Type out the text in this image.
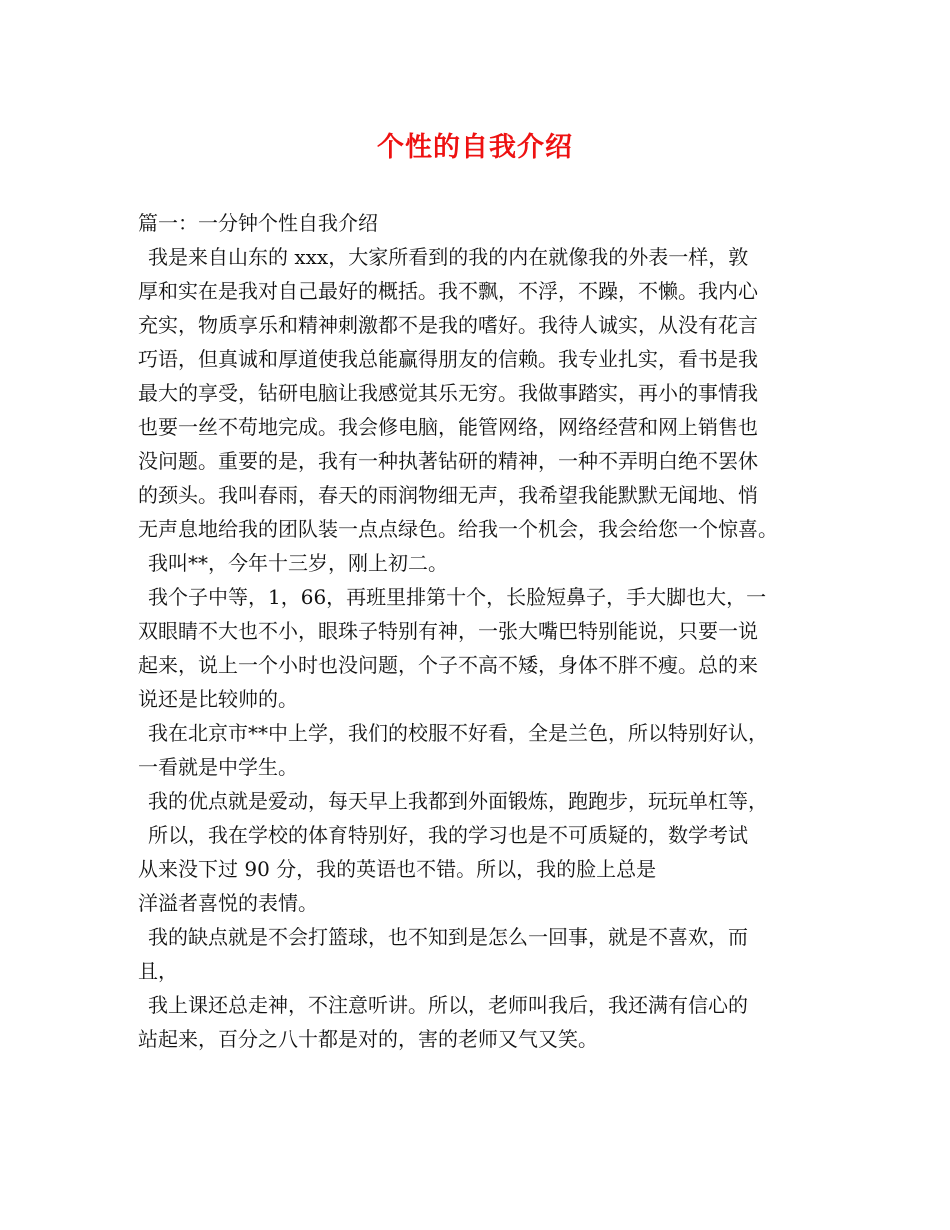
个性的自我介绍
篇一：一分钟个性自我介绍
我是来自山东的 xxx，大家所看到的我的内在就像我的外表一样，敦
厚和实在是我对自己最好的概括。我不飘，不浮，不躁，不懒。我内心
充实，物质享乐和精神刺激都不是我的嗜好。我待人诚实，从没有花言
巧语，但真诚和厚道使我总能赢得朋友的信赖。我专业扎实，看书是我
最大的享受，钻研电脑让我感觉其乐无穷。我做事踏实，再小的事情我
也要一丝不苟地完成。我会修电脑，能管网络，网络经营和网上销售也
没问题。重要的是，我有一种执著钻研的精神，一种不弄明白绝不罢休
的颈头。我叫春雨，春天的雨润物细无声，我希望我能默默无闻地、悄
无声息地给我的团队装一点点绿色。给我一个机会，我会给您一个惊喜。
我叫**，今年十三岁，刚上初二。
我个子中等，1，66，再班里排第十个，长脸短鼻子，手大脚也大，一
双眼睛不大也不小，眼珠子特别有神，一张大嘴巴特别能说，只要一说
起来，说上一个小时也没问题，个子不高不矮，身体不胖不瘦。总的来
说还是比较帅的。
我在北京市**中上学，我们的校服不好看，全是兰色，所以特别好认，
一看就是中学生。
我的优点就是爱动，每天早上我都到外面锻炼，跑跑步，玩玩单杠等，
所以，我在学校的体育特别好，我的学习也是不可质疑的，数学考试
从来没下过 90 分，我的英语也不错。所以，我的脸上总是
洋溢者喜悦的表情。
我的缺点就是不会打篮球，也不知到是怎么一回事，就是不喜欢，而
且，
我上课还总走神，不注意听讲。所以，老师叫我后，我还满有信心的
站起来，百分之八十都是对的，害的老师又气又笑。
